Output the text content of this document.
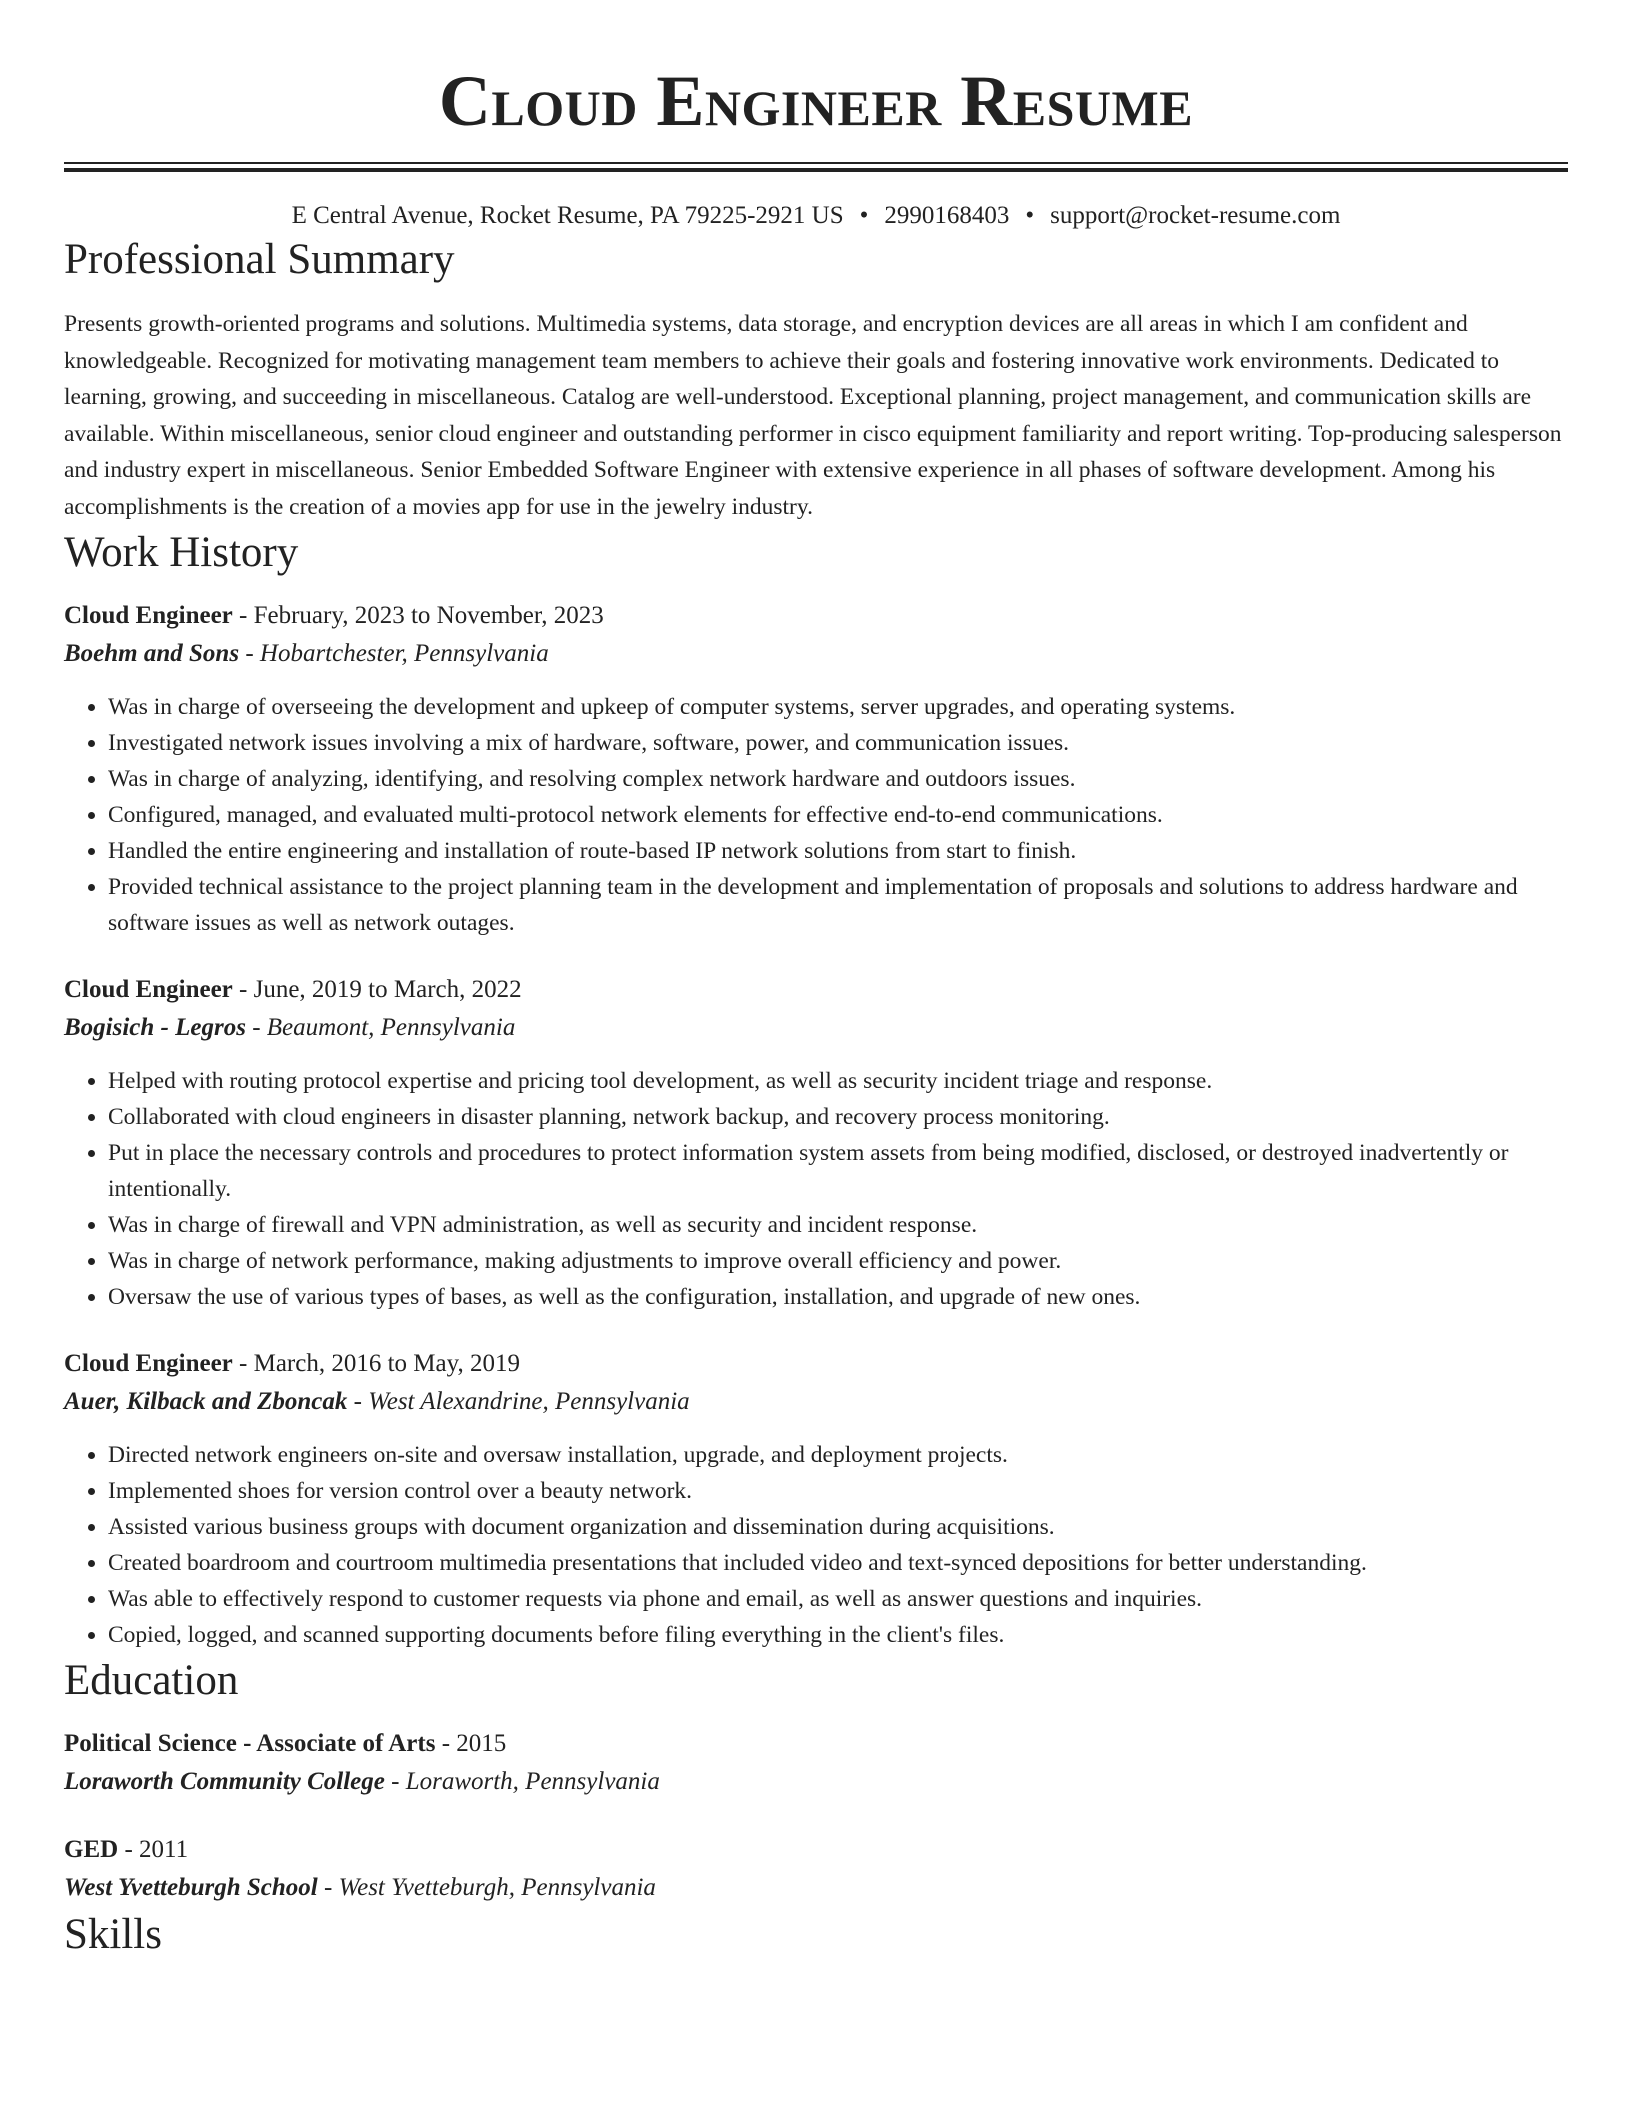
Cloud Engineer Resume
E Central Avenue, Rocket Resume, PA 79225-2921 US • 2990168403 • support@rocket-resume.com
Professional Summary

Presents growth-oriented programs and solutions. Multimedia systems, data storage, and encryption devices are all areas in which I am confident and knowledgeable. Recognized for motivating management team members to achieve their goals and fostering innovative work environments. Dedicated to learning, growing, and succeeding in miscellaneous. Catalog are well-understood. Exceptional planning, project management, and communication skills are available. Within miscellaneous, senior cloud engineer and outstanding performer in cisco equipment familiarity and report writing. Top-producing salesperson and industry expert in miscellaneous. Senior Embedded Software Engineer with extensive experience in all phases of software development. Among his accomplishments is the creation of a movies app for use in the jewelry industry.

Work History
Cloud Engineer - February, 2023 to November, 2023
Boehm and Sons - Hobartchester, Pennsylvania
• Was in charge of overseeing the development and upkeep of computer systems, server upgrades, and operating systems.
• Investigated network issues involving a mix of hardware, software, power, and communication issues.
• Was in charge of analyzing, identifying, and resolving complex network hardware and outdoors issues.
• Configured, managed, and evaluated multi-protocol network elements for effective end-to-end communications.
• Handled the entire engineering and installation of route-based IP network solutions from start to finish.
• Provided technical assistance to the project planning team in the development and implementation of proposals and solutions to address hardware and software issues as well as network outages.
Cloud Engineer - June, 2019 to March, 2022
Bogisich - Legros - Beaumont, Pennsylvania
• Helped with routing protocol expertise and pricing tool development, as well as security incident triage and response.
• Collaborated with cloud engineers in disaster planning, network backup, and recovery process monitoring.
• Put in place the necessary controls and procedures to protect information system assets from being modified, disclosed, or destroyed inadvertently or intentionally.
• Was in charge of firewall and VPN administration, as well as security and incident response.
• Was in charge of network performance, making adjustments to improve overall efficiency and power.
• Oversaw the use of various types of bases, as well as the configuration, installation, and upgrade of new ones.
Cloud Engineer - March, 2016 to May, 2019
Auer, Kilback and Zboncak - West Alexandrine, Pennsylvania
• Directed network engineers on-site and oversaw installation, upgrade, and deployment projects.
• Implemented shoes for version control over a beauty network.
• Assisted various business groups with document organization and dissemination during acquisitions.
• Created boardroom and courtroom multimedia presentations that included video and text-synced depositions for better understanding.
• Was able to effectively respond to customer requests via phone and email, as well as answer questions and inquiries.
• Copied, logged, and scanned supporting documents before filing everything in the client's files.
Education
Political Science - Associate of Arts - 2015
Loraworth Community College - Loraworth, Pennsylvania
GED - 2011
West Yvetteburgh School - West Yvetteburgh, Pennsylvania
Skills
